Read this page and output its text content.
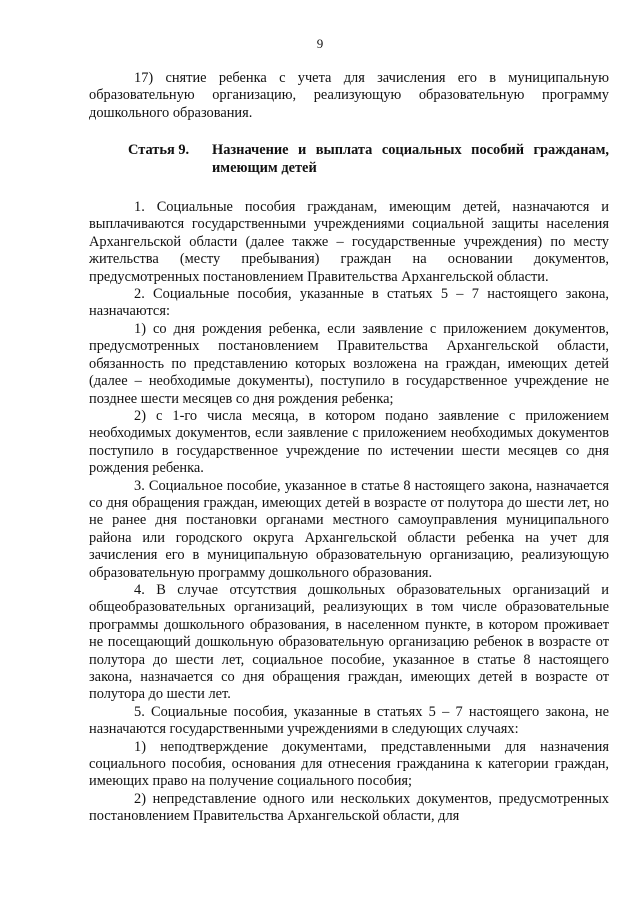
9

17) снятие ребенка с учета для зачисления его в муниципальную образовательную организацию, реализующую образовательную программу дошкольного образования.

Статья 9.	Назначение и выплата социальных пособий гражданам, имеющим детей

1. Социальные пособия гражданам, имеющим детей, назначаются и выплачиваются государственными учреждениями социальной защиты населения Архангельской области (далее также – государственные учреждения) по месту жительства (месту пребывания) граждан на основании документов, предусмотренных постановлением Правительства Архангельской области.

2. Социальные пособия, указанные в статьях 5 – 7 настоящего закона, назначаются:

1) со дня рождения ребенка, если заявление с приложением документов, предусмотренных постановлением Правительства Архангельской области, обязанность по представлению которых возложена на граждан, имеющих детей (далее – необходимые документы), поступило в государственное учреждение не позднее шести месяцев со дня рождения ребенка;

2) с 1-го числа месяца, в котором подано заявление с приложением необходимых документов, если заявление с приложением необходимых документов поступило в государственное учреждение по истечении шести месяцев со дня рождения ребенка.

3. Социальное пособие, указанное в статье 8 настоящего закона, назначается со дня обращения граждан, имеющих детей в возрасте от полутора до шести лет, но не ранее дня постановки органами местного самоуправления муниципального района или городского округа Архангельской области ребенка на учет для зачисления его в муниципальную образовательную организацию, реализующую образовательную программу дошкольного образования.

4. В случае отсутствия дошкольных образовательных организаций и общеобразовательных организаций, реализующих в том числе образовательные программы дошкольного образования, в населенном пункте, в котором проживает не посещающий дошкольную образовательную организацию ребенок в возрасте от полутора до шести лет, социальное пособие, указанное в статье 8 настоящего закона, назначается со дня обращения граждан, имеющих детей в возрасте от полутора до шести лет.

5. Социальные пособия, указанные в статьях 5 – 7 настоящего закона, не назначаются государственными учреждениями в следующих случаях:

1) неподтверждение документами, представленными для назначения социального пособия, основания для отнесения гражданина к категории граждан, имеющих право на получение социального пособия;

2) непредставление одного или нескольких документов, предусмотренных постановлением Правительства Архангельской области, для
